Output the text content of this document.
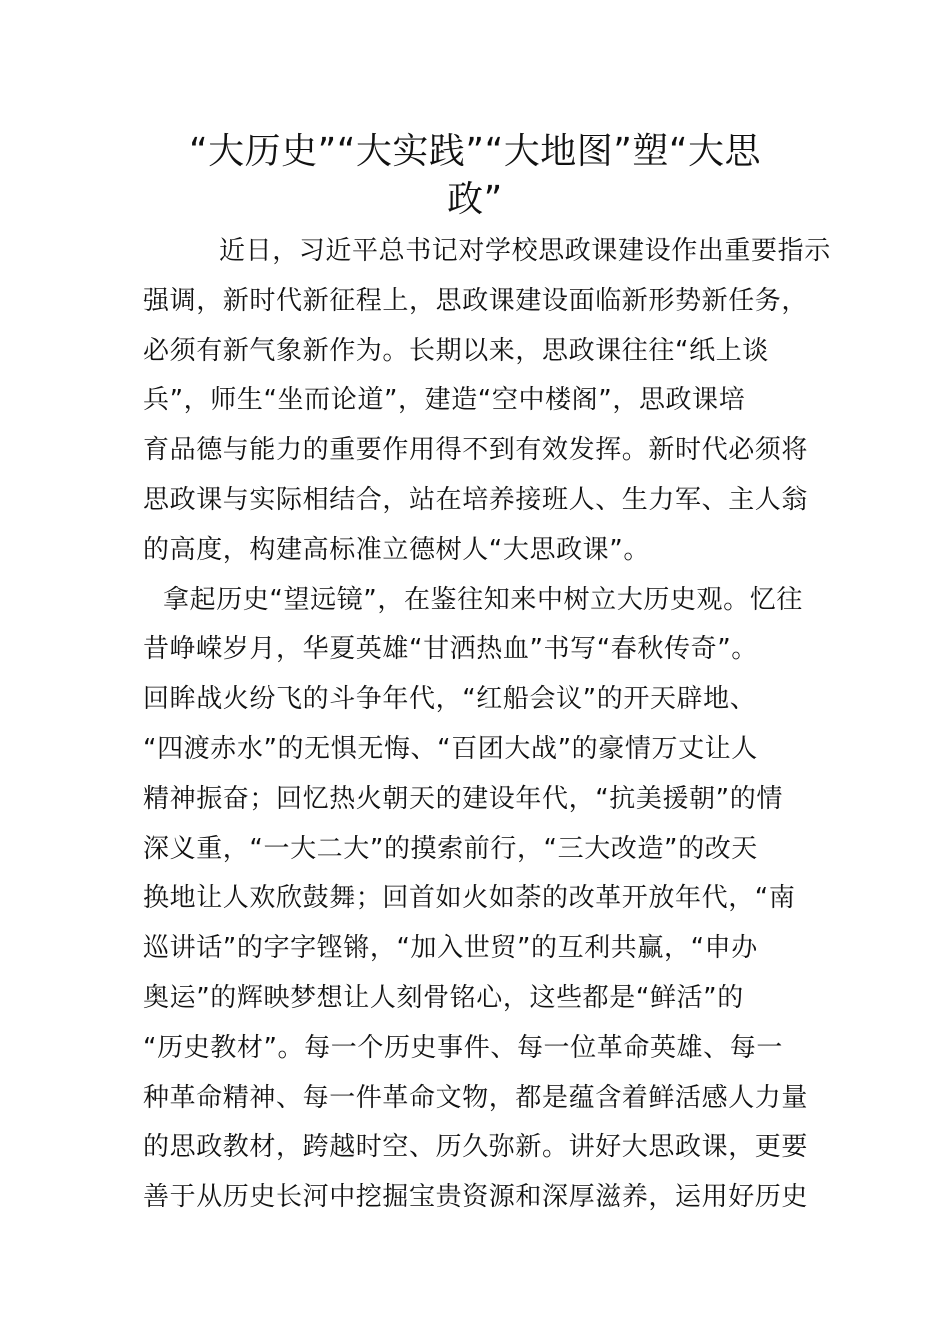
“大历史”“大实践”“大地图”塑“大思
政”
近日，习近平总书记对学校思政课建设作出重要指示
强调，新时代新征程上，思政课建设面临新形势新任务，
必须有新气象新作为。长期以来，思政课往往“纸上谈
兵”，师生“坐而论道”，建造“空中楼阁”，思政课培
育品德与能力的重要作用得不到有效发挥。新时代必须将
思政课与实际相结合，站在培养接班人、生力军、主人翁
的高度，构建高标准立德树人“大思政课”。
拿起历史“望远镜”，在鉴往知来中树立大历史观。忆往
昔峥嵘岁月，华夏英雄“甘洒热血”书写“春秋传奇”。
回眸战火纷飞的斗争年代，“红船会议”的开天辟地、
“四渡赤水”的无惧无悔、“百团大战”的豪情万丈让人
精神振奋；回忆热火朝天的建设年代，“抗美援朝”的情
深义重，“一大二大”的摸索前行，“三大改造”的改天
换地让人欢欣鼓舞；回首如火如荼的改革开放年代，“南
巡讲话”的字字铿锵，“加入世贸”的互利共赢，“申办
奥运”的辉映梦想让人刻骨铭心，这些都是“鲜活”的
“历史教材”。每一个历史事件、每一位革命英雄、每一
种革命精神、每一件革命文物，都是蕴含着鲜活感人力量
的思政教材，跨越时空、历久弥新。讲好大思政课，更要
善于从历史长河中挖掘宝贵资源和深厚滋养，运用好历史
